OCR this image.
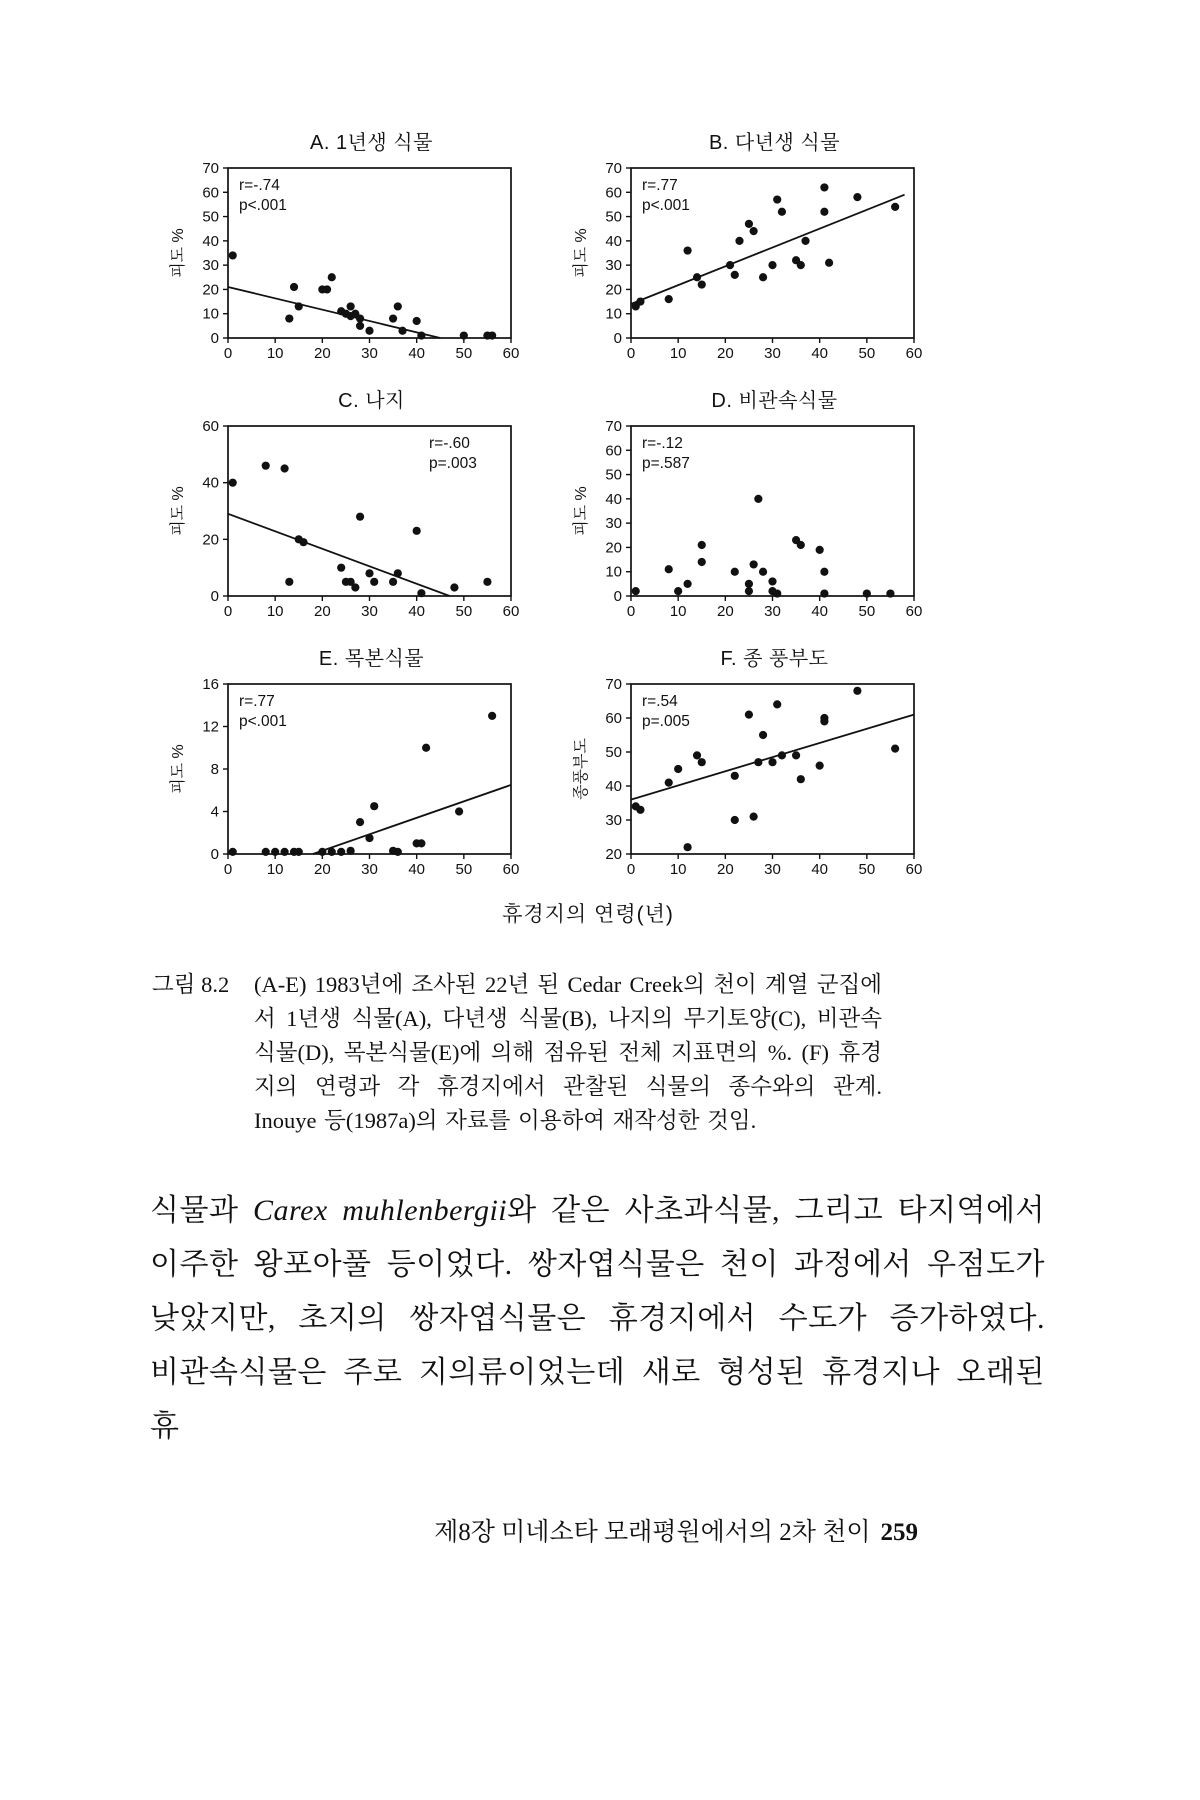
A. 1년생 식물
0 10 20 30 40 50 60
0
10
20
30
40
50
60
70
r=-.74
p<.001
피도 %
B. 다년생 식물
0 10 20 30 40 50 60
0
10
20
30
40
50
60
70
r=.77
p<.001
피도 %
C. 나지
0 10 20 30 40 50 60
0
20
40
60
r=-.60
p=.003
피도 %
D. 비관속식물
0 10 20 30 40 50 60
0
10
20
30
40
50
60
70
r=-.12
p=.587
피도 %
E. 목본식물
0 10 20 30 40 50 60
0
4
8
12
16
r=.77
p<.001
피도 %
F. 종 풍부도
0 10 20 30 40 50 60
20
30
40
50
60
70
r=.54
p=.005
종풍부도
휴경지의 연령(년)
그림 8.2	(A-E) 1983년에 조사된 22년 된 Cedar Creek의 천이 계열 군집에서 1년생 식물(A), 다년생 식물(B), 나지의 무기토양(C), 비관속식물(D), 목본식물(E)에 의해 점유된 전체 지표면의 %. (F) 휴경지의 연령과 각 휴경지에서 관찰된 식물의 종수와의 관계. Inouye 등(1987a)의 자료를 이용하여 재작성한 것임.

식물과 Carex muhlenbergii와 같은 사초과식물, 그리고 타지역에서 이주한 왕포아풀 등이었다. 쌍자엽식물은 천이 과정에서 우점도가 낮았지만, 초지의 쌍자엽식물은 휴경지에서 수도가 증가하였다. 비관속식물은 주로 지의류이었는데 새로 형성된 휴경지나 오래된 휴

제8장 미네소타 모래평원에서의 2차 천이 259
